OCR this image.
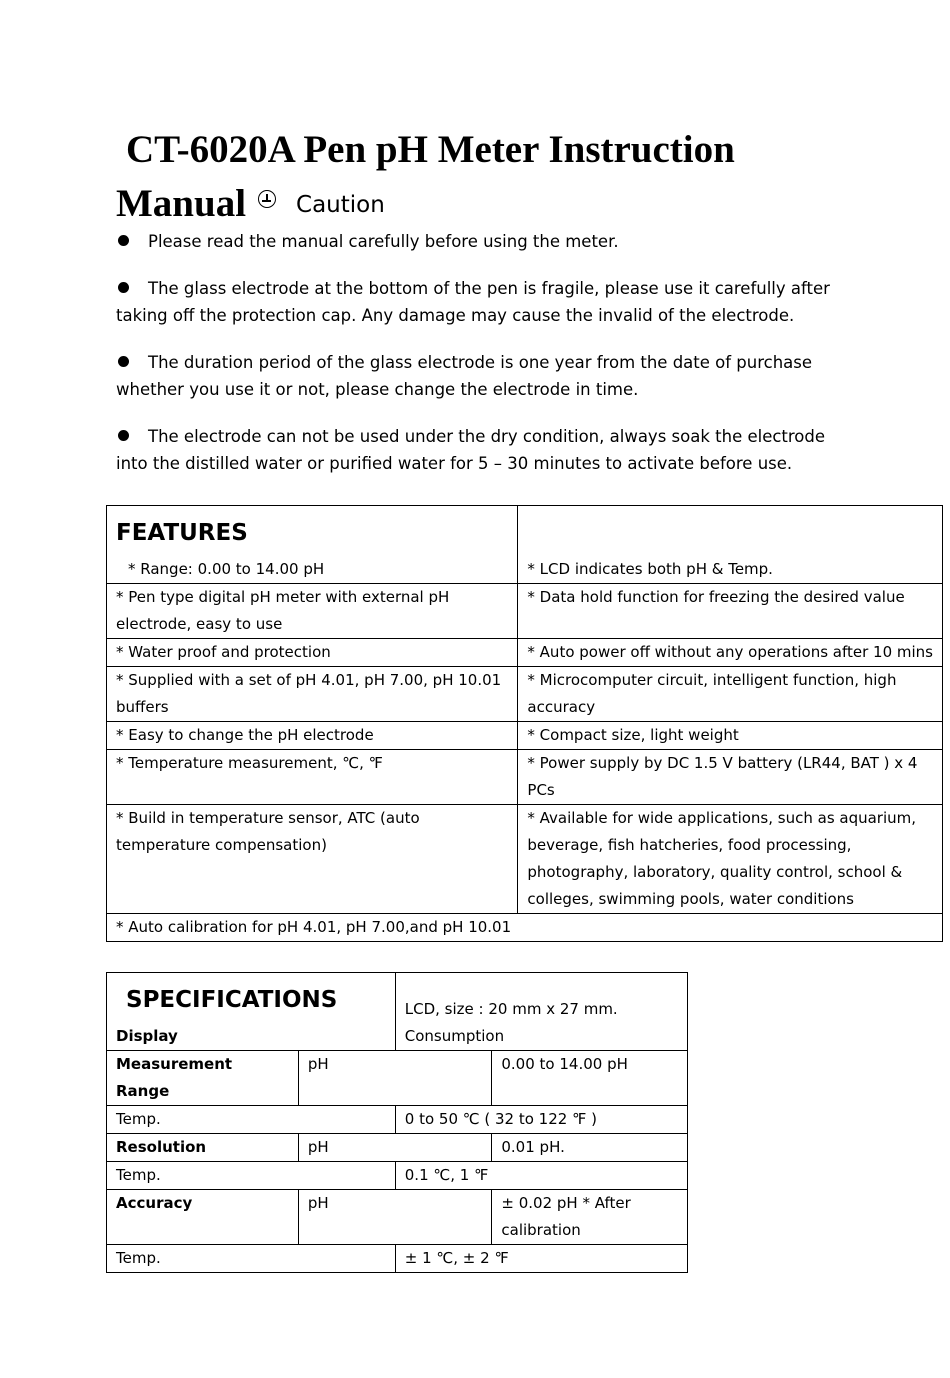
CT-6020A Pen pH Meter Instruction
Manual Caution
Please read the manual carefully before using the meter.
The glass electrode at the bottom of the pen is fragile, please use it carefully after taking off the protection cap. Any damage may cause the invalid of the electrode.
The duration period of the glass electrode is one year from the date of purchase whether you use it or not, please change the electrode in time.
The electrode can not be used under the dry condition, always soak the electrode into the distilled water or purified water for 5 – 30 minutes to activate before use.
FEATURES
* Range: 0.00 to 14.00 pH	* LCD indicates both pH & Temp.
* Pen type digital pH meter with external pH electrode, easy to use	* Data hold function for freezing the desired value
* Water proof and protection	* Auto power off without any operations after 10 mins
* Supplied with a set of pH 4.01, pH 7.00, pH 10.01 buffers	* Microcomputer circuit, intelligent function, high accuracy
* Easy to change the pH electrode	* Compact size, light weight
* Temperature measurement, ℃, ℉	* Power supply by DC 1.5 V battery (LR44, BAT ) x 4 PCs
* Build in temperature sensor, ATC (auto temperature compensation)	* Available for wide applications, such as aquarium, beverage, fish hatcheries, food processing, photography, laboratory, quality control, school & colleges, swimming pools, water conditions
* Auto calibration for pH 4.01, pH 7.00,and pH 10.01	
SPECIFICATIONS
Display		LCD, size : 20 mm x 27 mm. Consumption	
Measurement Range	pH		0.00 to 14.00 pH
Temp.		0 to 50 ℃ ( 32 to 122 ℉ )	
Resolution	pH		0.01 pH.
Temp.		0.1 ℃, 1 ℉	
Accuracy	pH		± 0.02 pH * After calibration
Temp.		± 1 ℃, ± 2 ℉	
